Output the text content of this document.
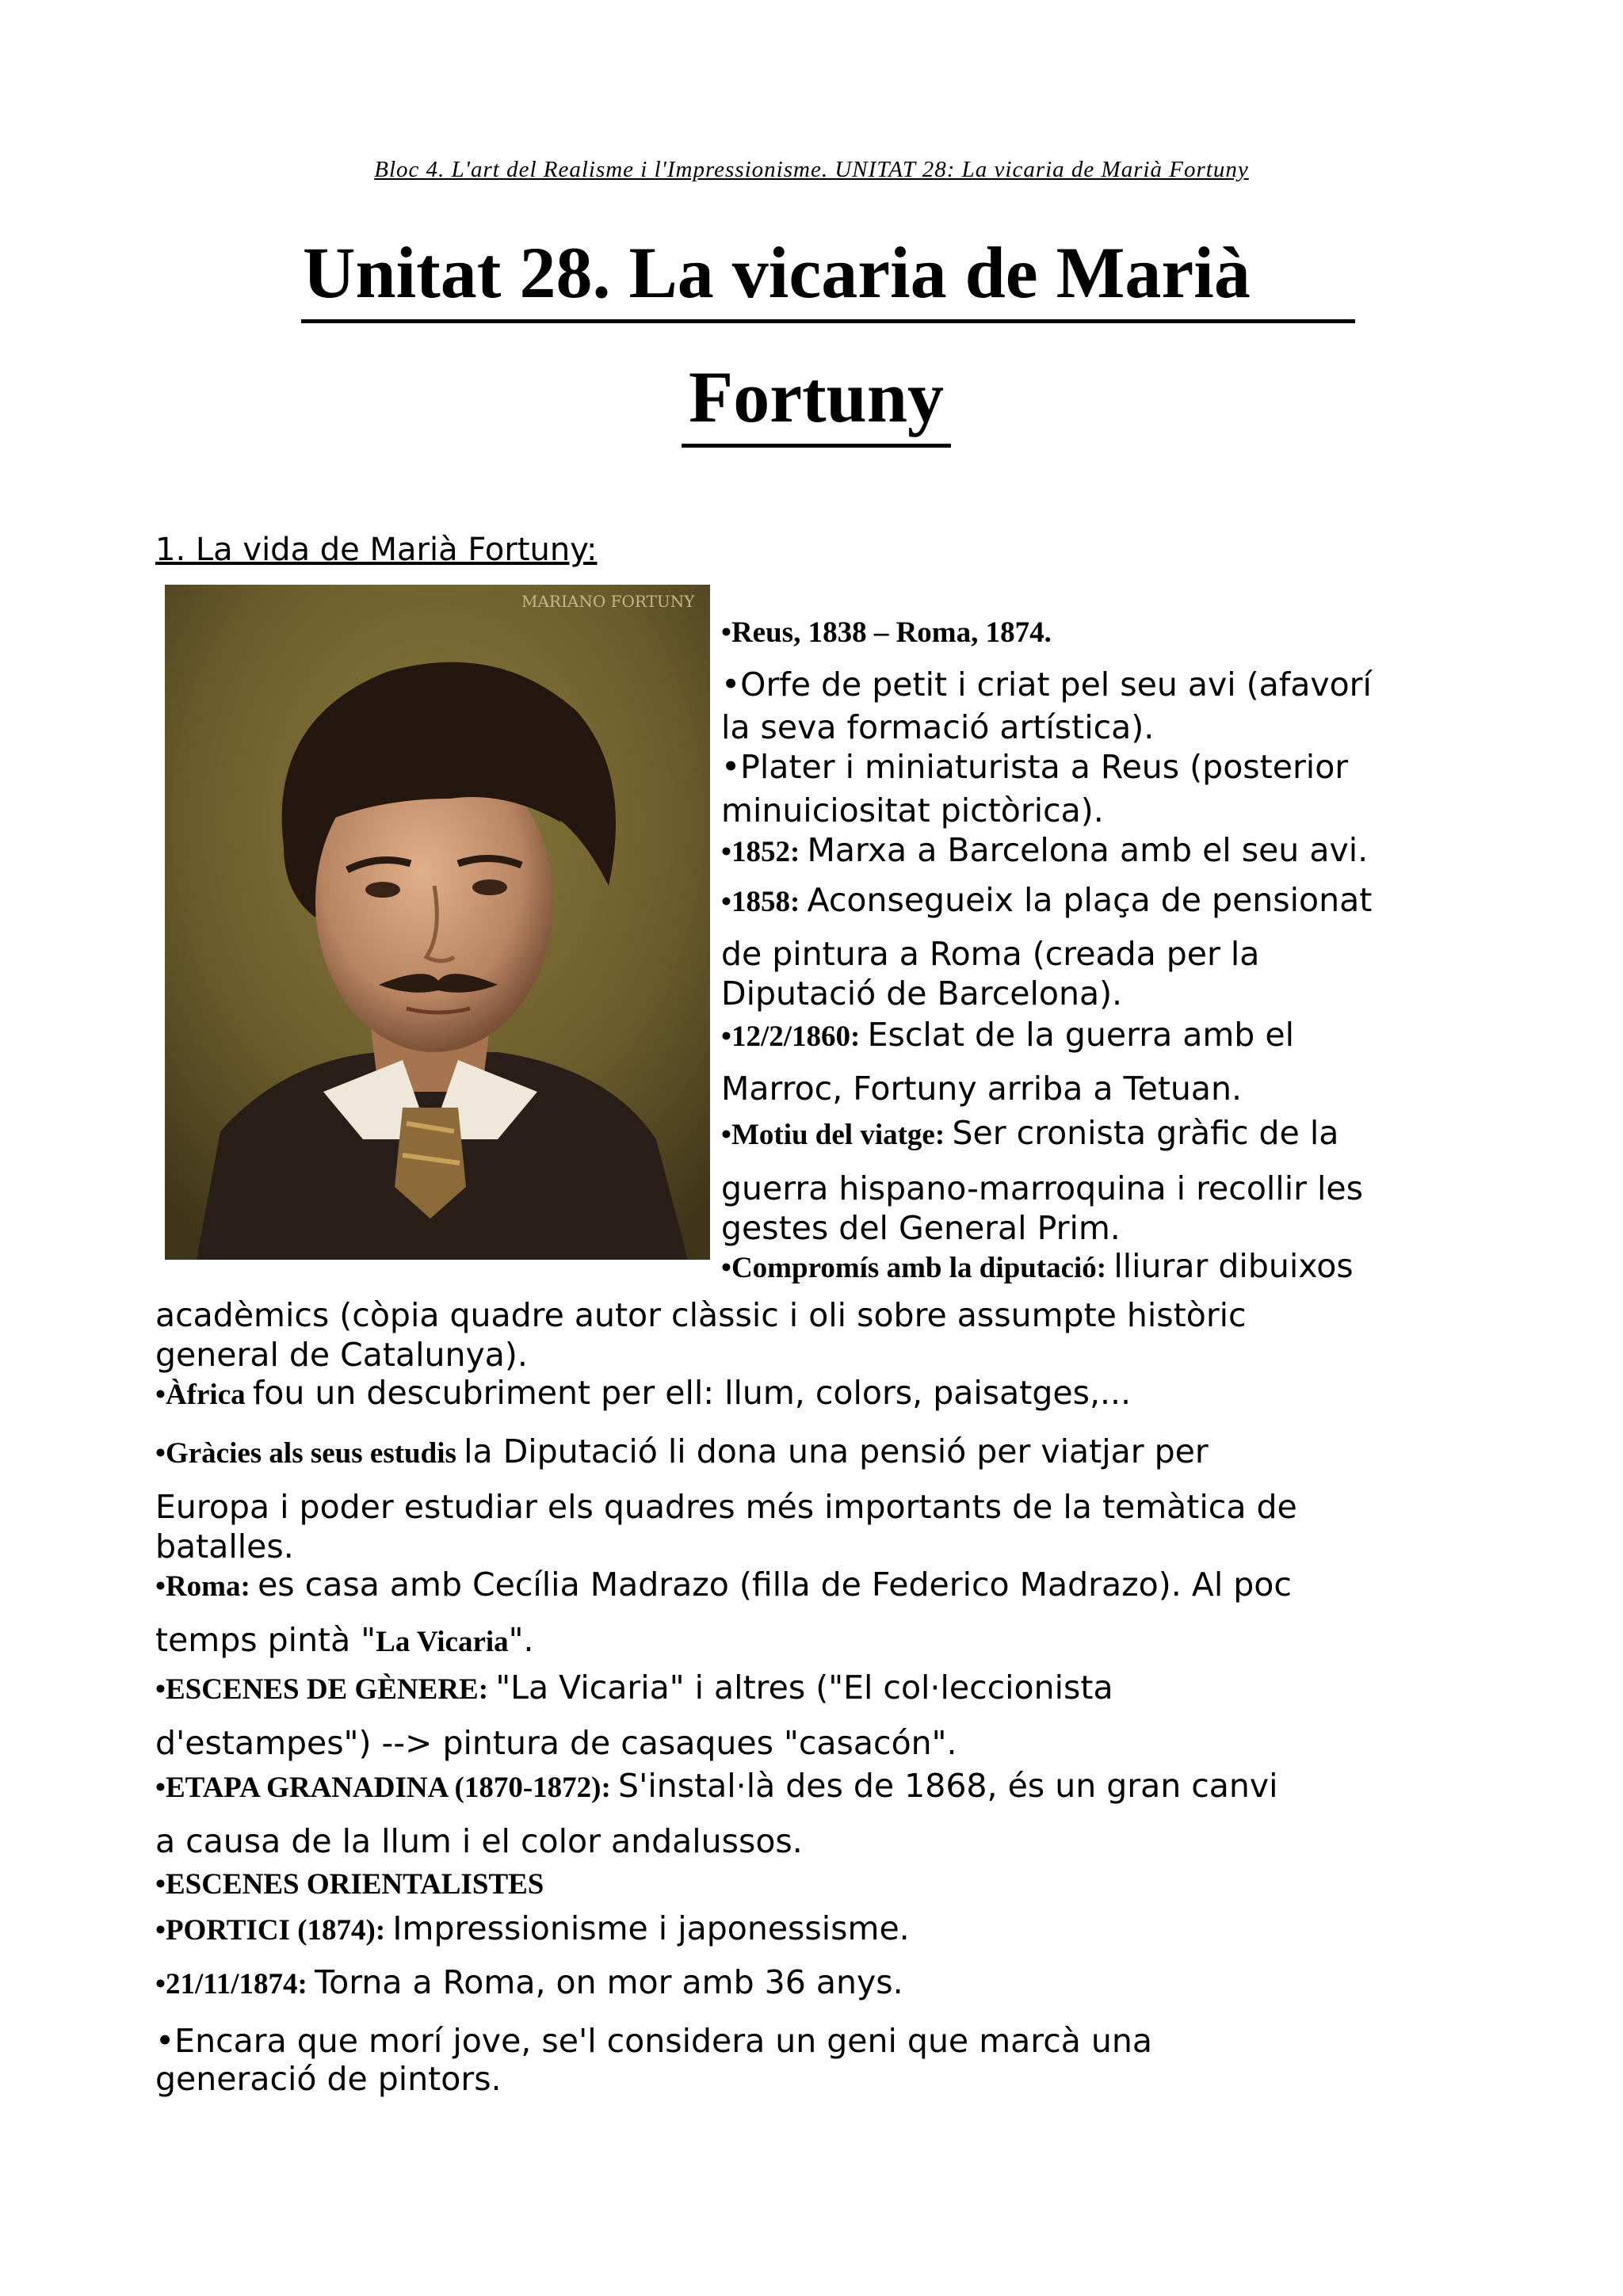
Bloc 4. L'art del Realisme i l'Impressionisme. UNITAT 28: La vicaria de Marià Fortuny
Unitat 28. La vicaria de Marià
Fortuny
1. La vida de Marià Fortuny:
MARIANO FORTUNY
•Reus, 1838 – Roma, 1874.
•Orfe de petit i criat pel seu avi (afavorí
la seva formació artística).
•Plater i miniaturista a Reus (posterior
minuiciositat pictòrica).
•1852: Marxa a Barcelona amb el seu avi.
•1858: Aconsegueix la plaça de pensionat
de pintura a Roma (creada per la
Diputació de Barcelona).
•12/2/1860: Esclat de la guerra amb el
Marroc, Fortuny arriba a Tetuan.
•Motiu del viatge: Ser cronista gràfic de la
guerra hispano-marroquina i recollir les
gestes del General Prim.
•Compromís amb la diputació: lliurar dibuixos
acadèmics (còpia quadre autor clàssic i oli sobre assumpte històric
general de Catalunya).
•Àfrica fou un descubriment per ell: llum, colors, paisatges,...
•Gràcies als seus estudis la Diputació li dona una pensió per viatjar per
Europa i poder estudiar els quadres més importants de la temàtica de
batalles.
•Roma: es casa amb Cecília Madrazo (filla de Federico Madrazo). Al poc
temps pintà "La Vicaria".
•ESCENES DE GÈNERE: "La Vicaria" i altres ("El col·leccionista
d'estampes") --> pintura de casaques "casacón".
•ETAPA GRANADINA (1870-1872): S'instal·là des de 1868, és un gran canvi
a causa de la llum i el color andalussos.
•ESCENES ORIENTALISTES
•PORTICI (1874): Impressionisme i japonessisme.
•21/11/1874: Torna a Roma, on mor amb 36 anys.
•Encara que morí jove, se'l considera un geni que marcà una
generació de pintors.
